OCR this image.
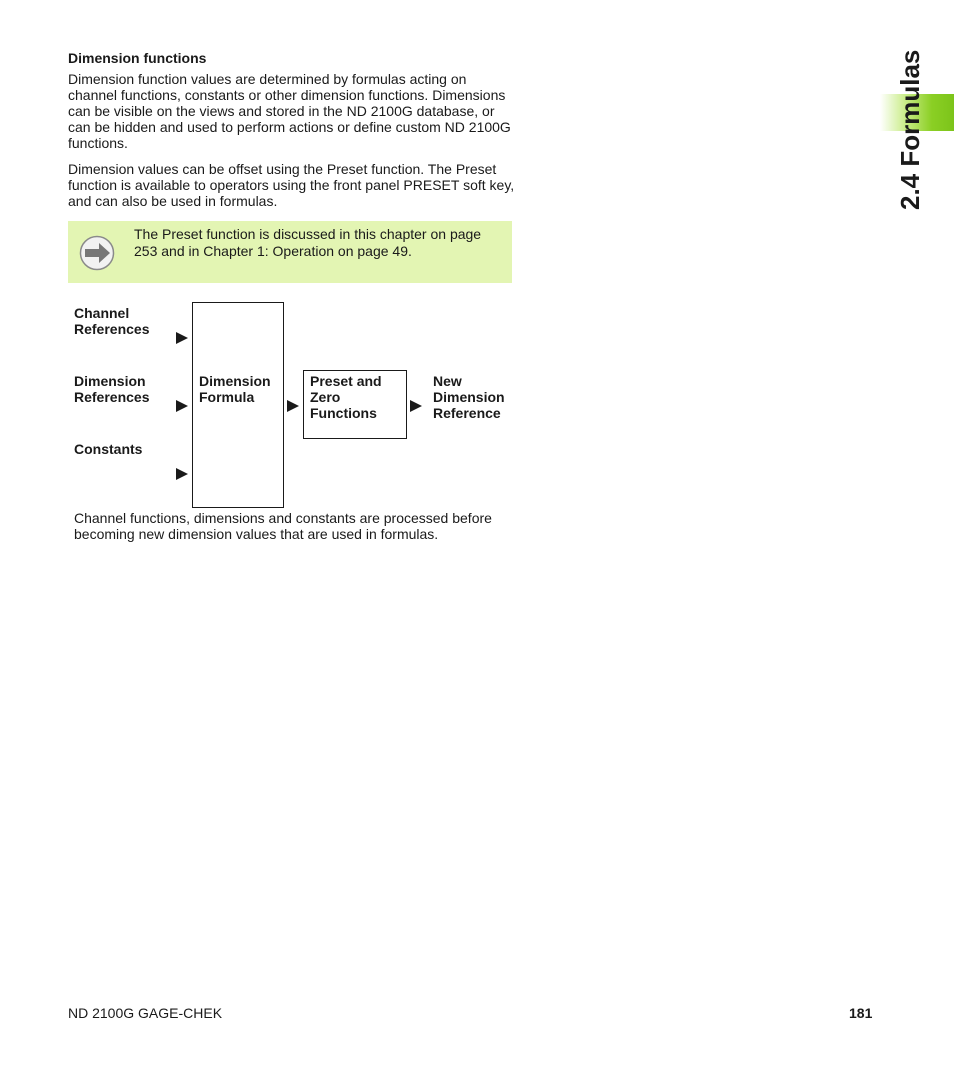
Dimension functions
Dimension function values are determined by formulas acting on channel functions, constants or other dimension functions. Dimensions can be visible on the views and stored in the ND 2100G database, or can be hidden and used to perform actions or define custom ND 2100G functions.
Dimension values can be offset using the Preset function. The Preset function is available to operators using the front panel PRESET soft key, and can also be used in formulas.
The Preset function is discussed in this chapter on page 253 and in Chapter 1: Operation on page 49.
Channel
References
Dimension
References
Constants
Dimension
Formula
Preset and
Zero
Functions
New
Dimension
Reference
Channel functions, dimensions and constants are processed before becoming new dimension values that are used in formulas.
2.4 Formulas
ND 2100G GAGE-CHEK	181
